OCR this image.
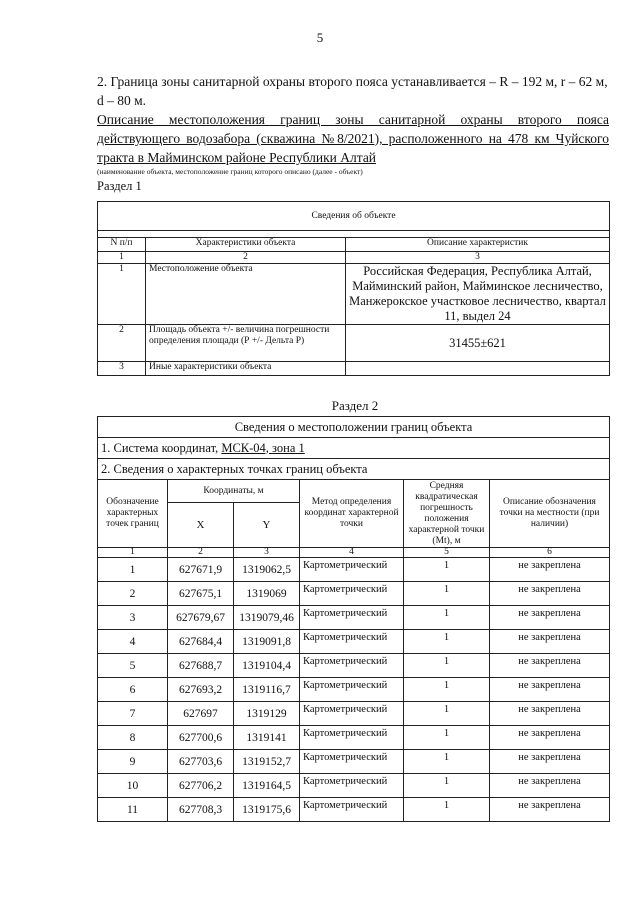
5
2. Граница зоны санитарной охраны второго пояса устанавливается – R – 192 м, r – 62 м, d – 80 м.
Описание местоположения границ зоны санитарной охраны второго пояса действующего водозабора (скважина №8/2021), расположенного на 478 км Чуйского тракта в Майминском районе Республики Алтай
(наименование объекта, местоположение границ которого описано (далее - объект)
Раздел 1
Сведения об объекте		

N п/п	Характеристики объекта	Описание характеристик
1	2	3
1	Местоположение объекта	Российская Федерация, Республика Алтай, Майминский район, Майминское лесничество, Манжерокское участковое лесничество, квартал 11, выдел 24
2	Площадь объекта +/- величина погрешности определения площади (Р +/- Дельта Р)	31455±621
3	Иные характеристики объекта	
Раздел 2
Сведения о местоположении границ объекта					
1. Система координат, МСК-04, зона 1					
2. Сведения о характерных точках границ объекта					
Обозначение характерных точек границ	Координаты, м		Метод определения координат характерной точки	Средняя квадратическая погрешность положения характерной точки (Mt), м	Описание обозначения точки на местности (при наличии)
	X	Y			
1	2	3	4	5	6
1	627671,9	1319062,5	Картометрический	1	не закреплена
2	627675,1	1319069	Картометрический	1	не закреплена
3	627679,67	1319079,46	Картометрический	1	не закреплена
4	627684,4	1319091,8	Картометрический	1	не закреплена
5	627688,7	1319104,4	Картометрический	1	не закреплена
6	627693,2	1319116,7	Картометрический	1	не закреплена
7	627697	1319129	Картометрический	1	не закреплена
8	627700,6	1319141	Картометрический	1	не закреплена
9	627703,6	1319152,7	Картометрический	1	не закреплена
10	627706,2	1319164,5	Картометрический	1	не закреплена
11	627708,3	1319175,6	Картометрический	1	не закреплена
